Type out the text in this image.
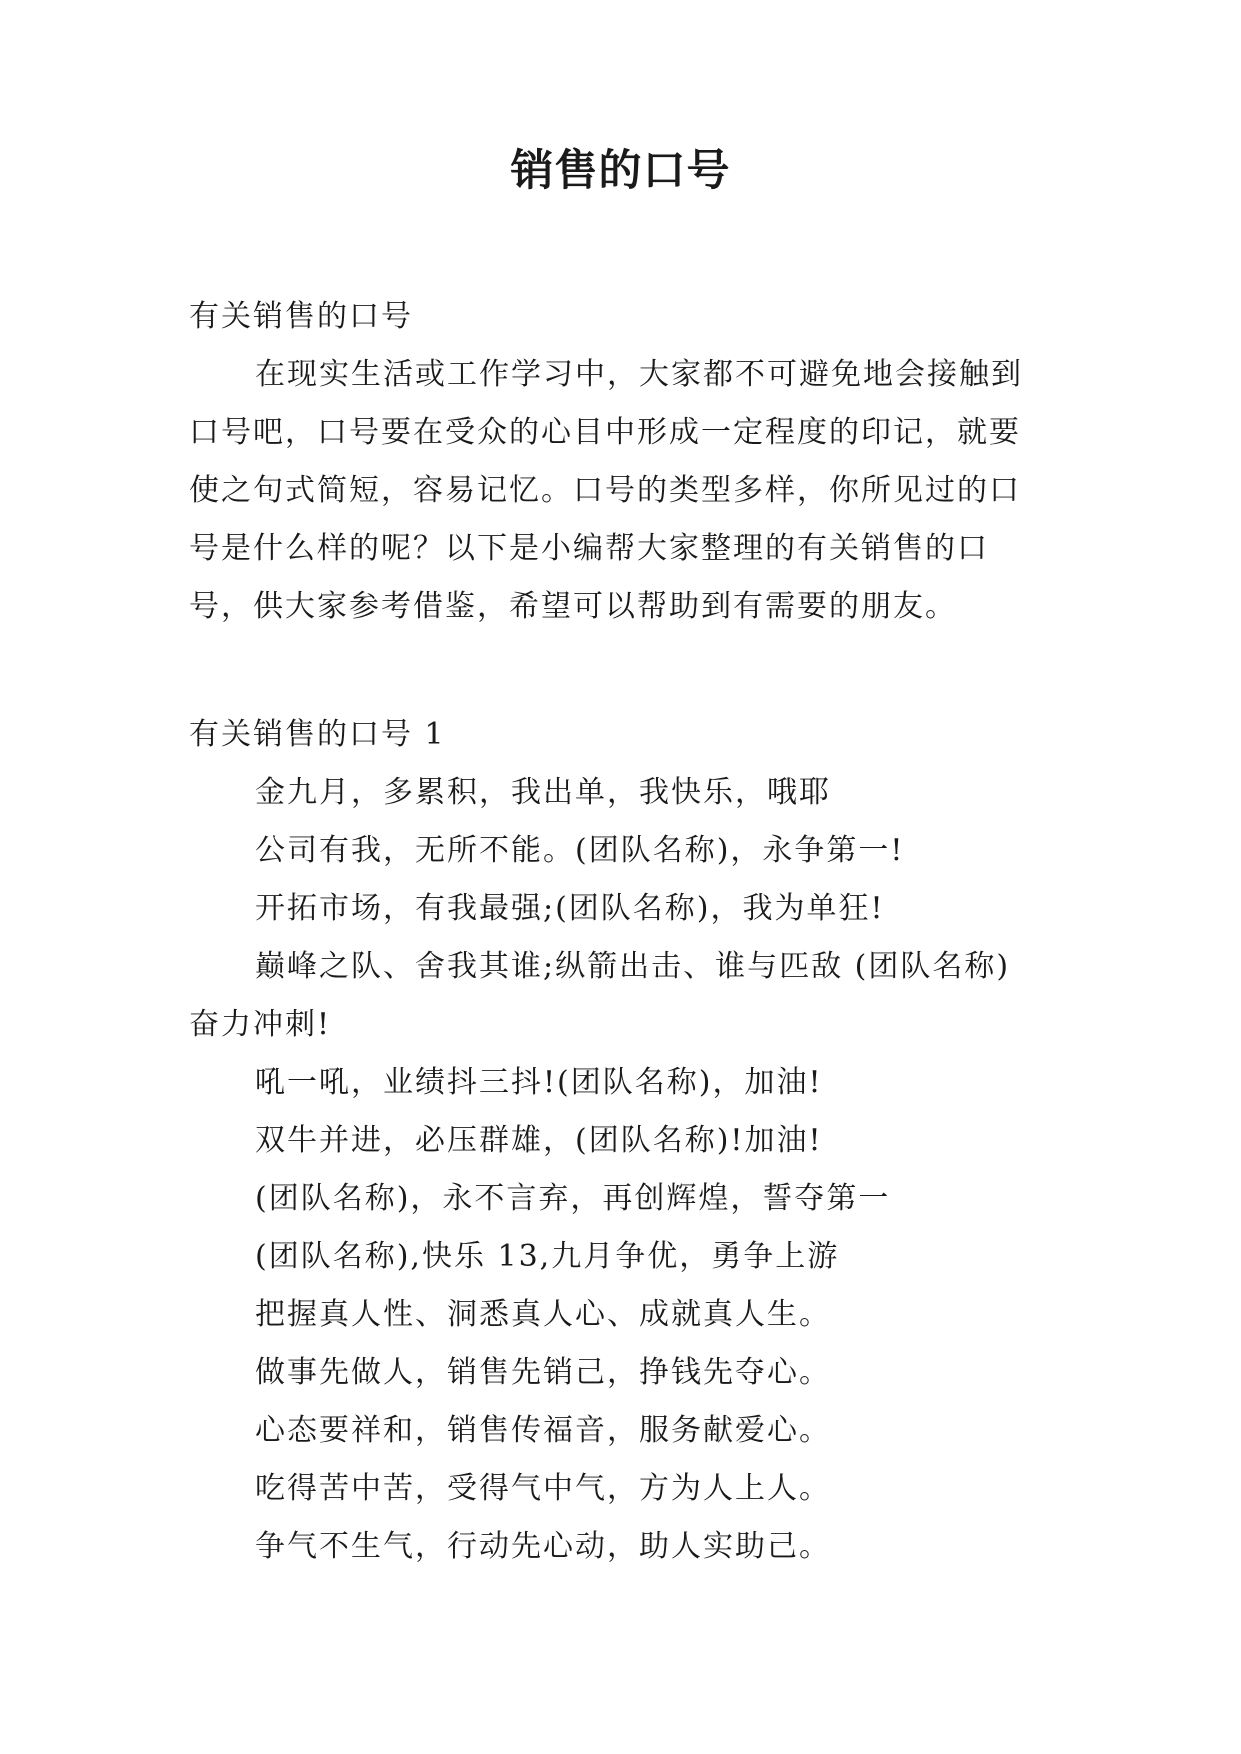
销售的口号
有关销售的口号
在现实生活或工作学习中，大家都不可避免地会接触到
口号吧，口号要在受众的心目中形成一定程度的印记，就要
使之句式简短，容易记忆。口号的类型多样，你所见过的口
号是什么样的呢？以下是小编帮大家整理的有关销售的口
号，供大家参考借鉴，希望可以帮助到有需要的朋友。
有关销售的口号 1
金九月，多累积，我出单，我快乐，哦耶
公司有我，无所不能。(团队名称)，永争第一!
开拓市场，有我最强;(团队名称)，我为单狂!
巅峰之队、舍我其谁;纵箭出击、谁与匹敌 (团队名称)
奋力冲刺!
吼一吼，业绩抖三抖!(团队名称)，加油!
双牛并进，必压群雄，(团队名称)!加油!
(团队名称)，永不言弃，再创辉煌，誓夺第一
(团队名称),快乐 13,九月争优，勇争上游
把握真人性、洞悉真人心、成就真人生。
做事先做人，销售先销己，挣钱先夺心。
心态要祥和，销售传福音，服务献爱心。
吃得苦中苦，受得气中气，方为人上人。
争气不生气，行动先心动，助人实助己。
